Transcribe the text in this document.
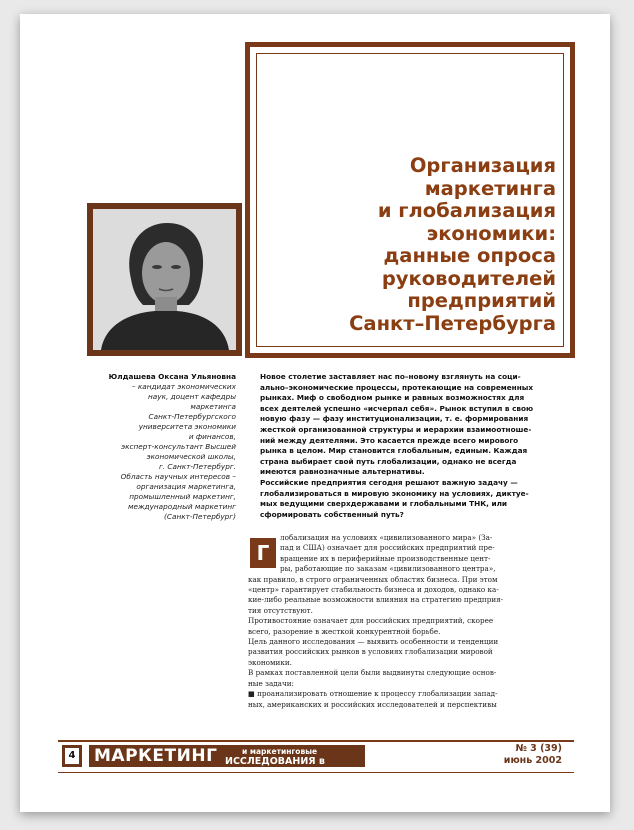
Организация
маркетинга
и глобализация
экономики:
данные опроса
руководителей
предприятий
Санкт–Петербурга
Юлдашева Оксана Ульяновна
– кандидат экономических
наук, доцент кафедры
маркетинга
Санкт-Петербургского
университета экономики
и финансов,
эксперт-консультант Высшей
экономической школы,
г. Санкт-Петербург.
Область научных интересов –
организация маркетинга,
промышленный маркетинг,
международный маркетинг
(Санкт-Петербург)

Новое столетие заставляет нас по–новому взглянуть на соци-
ально–экономические процессы, протекающие на современных
рынках. Миф о свободном рынке и равных возможностях для
всех деятелей успешно «исчерпал себя». Рынок вступил в свою
новую фазу — фазу институционализации, т. е. формирования
жесткой организованной структуры и иерархии взаимоотноше-
ний между деятелями. Это касается прежде всего мирового
рынка в целом. Мир становится глобальным, единым. Каждая
страна выбирает свой путь глобализации, однако не всегда
имеются равнозначные альтернативы.

Российские предприятия сегодня решают важную задачу —
глобализироваться в мировую экономику на условиях, диктуе-
мых ведущими сверхдержавами и глобальными ТНК, или
сформировать собственный путь?

Г

лобализация на условиях «цивилизованного мира» (За-
пад и США) означает для российских предприятий пре-
вращение их в периферийные производственные цент-
ры, работающие по заказам «цивилизованного центра»,
как правило, в строго ограниченных областях бизнеса. При этом
«центр» гарантирует стабильность бизнеса и доходов, однако ка-
кие-либо реальные возможности влияния на стратегию предприя-
тия отсутствуют.
Противостояние означает для российских предприятий, скорее
всего, разорение в жесткой конкурентной борьбе.
Цель данного исследования — выявить особенности и тенденции
развития российских рынков в условиях глобализации мировой
экономики.
В рамках поставленной цели были выдвинуты следующие основ-
ные задачи:
■ проанализировать отношение к процессу глобализации запад-
ных, американских и российских исследователей и перспективы

4	МАРКЕТИНГ	и маркетинговые
ИССЛЕДОВАНИЯ в
№ 3 (39)
июнь 2002
